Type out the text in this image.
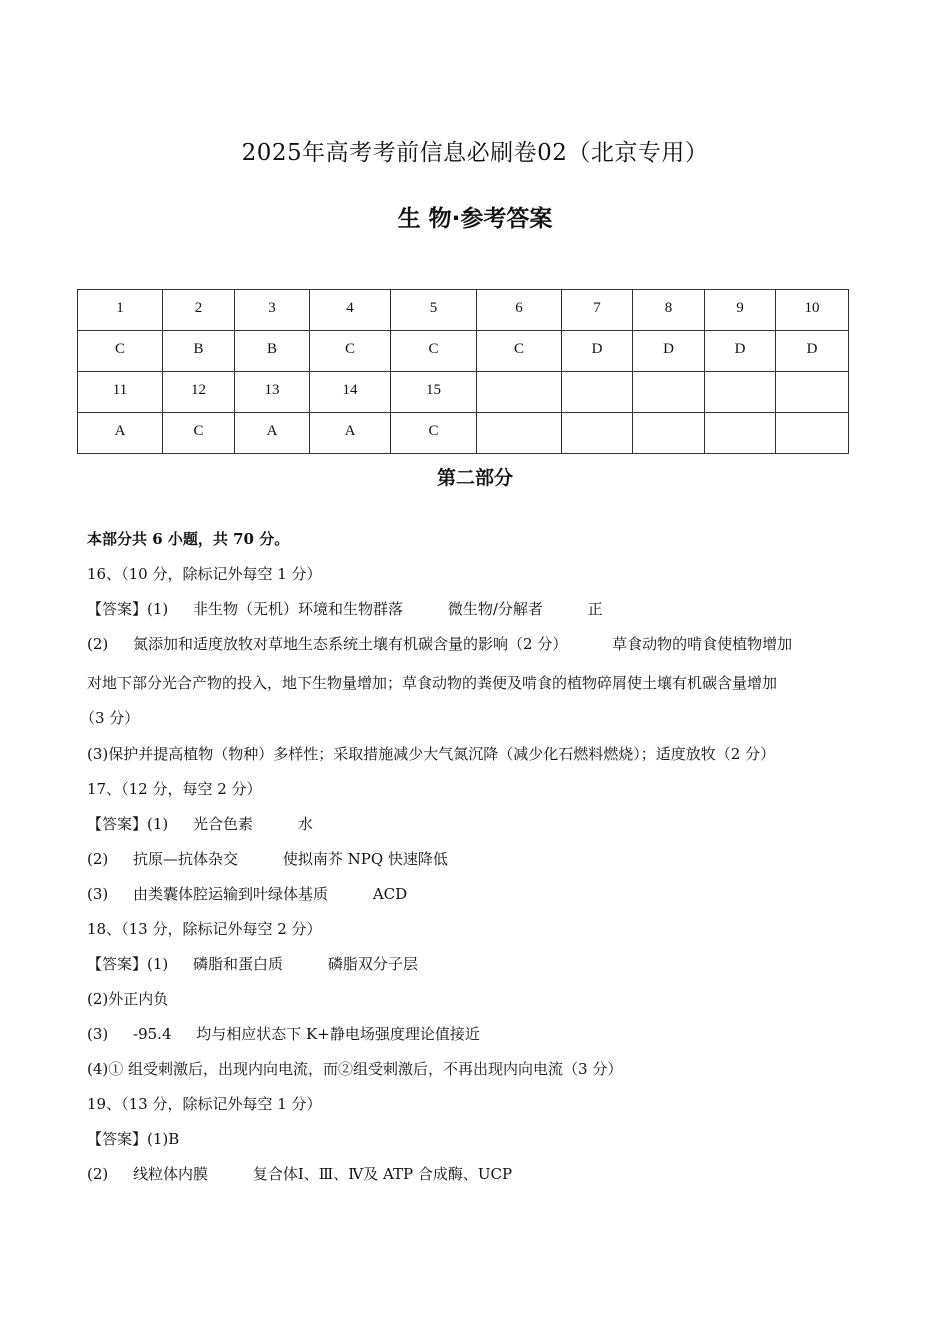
2025年高考考前信息必刷卷02（北京专用）
生 物·参考答案
1	2	3	4	5	6	7	8	9	10
C	B	B	C	C	C	D	D	D	D
11	12	13	14	15					
A	C	A	A	C					
第二部分
本部分共 6 小题，共 70 分。
16、（10 分，除标记外每空 1 分）
【答案】(1) 非生物（无机）环境和生物群落	微生物/分解者	正
(2) 氮添加和适度放牧对草地生态系统土壤有机碳含量的影响（2 分）	草食动物的啃食使植物增加
对地下部分光合产物的投入，地下生物量增加；草食动物的粪便及啃食的植物碎屑使土壤有机碳含量增加
（3 分）
(3)保护并提高植物（物种）多样性；采取措施减少大气氮沉降（减少化石燃料燃烧）；适度放牧（2 分）
17、（12 分，每空 2 分）
【答案】(1) 光合色素	水
(2) 抗原—抗体杂交	使拟南芥 NPQ 快速降低
(3) 由类囊体腔运输到叶绿体基质	ACD
18、（13 分，除标记外每空 2 分）
【答案】(1) 磷脂和蛋白质	磷脂双分子层
(2)外正内负
(3) -95.4 均与相应状态下 K+静电场强度理论值接近
(4)① 组受刺激后，出现内向电流，而②组受刺激后，不再出现内向电流（3 分）
19、（13 分，除标记外每空 1 分）
【答案】(1)B
(2) 线粒体内膜	复合体Ⅰ、Ⅲ、Ⅳ及 ATP 合成酶、UCP
